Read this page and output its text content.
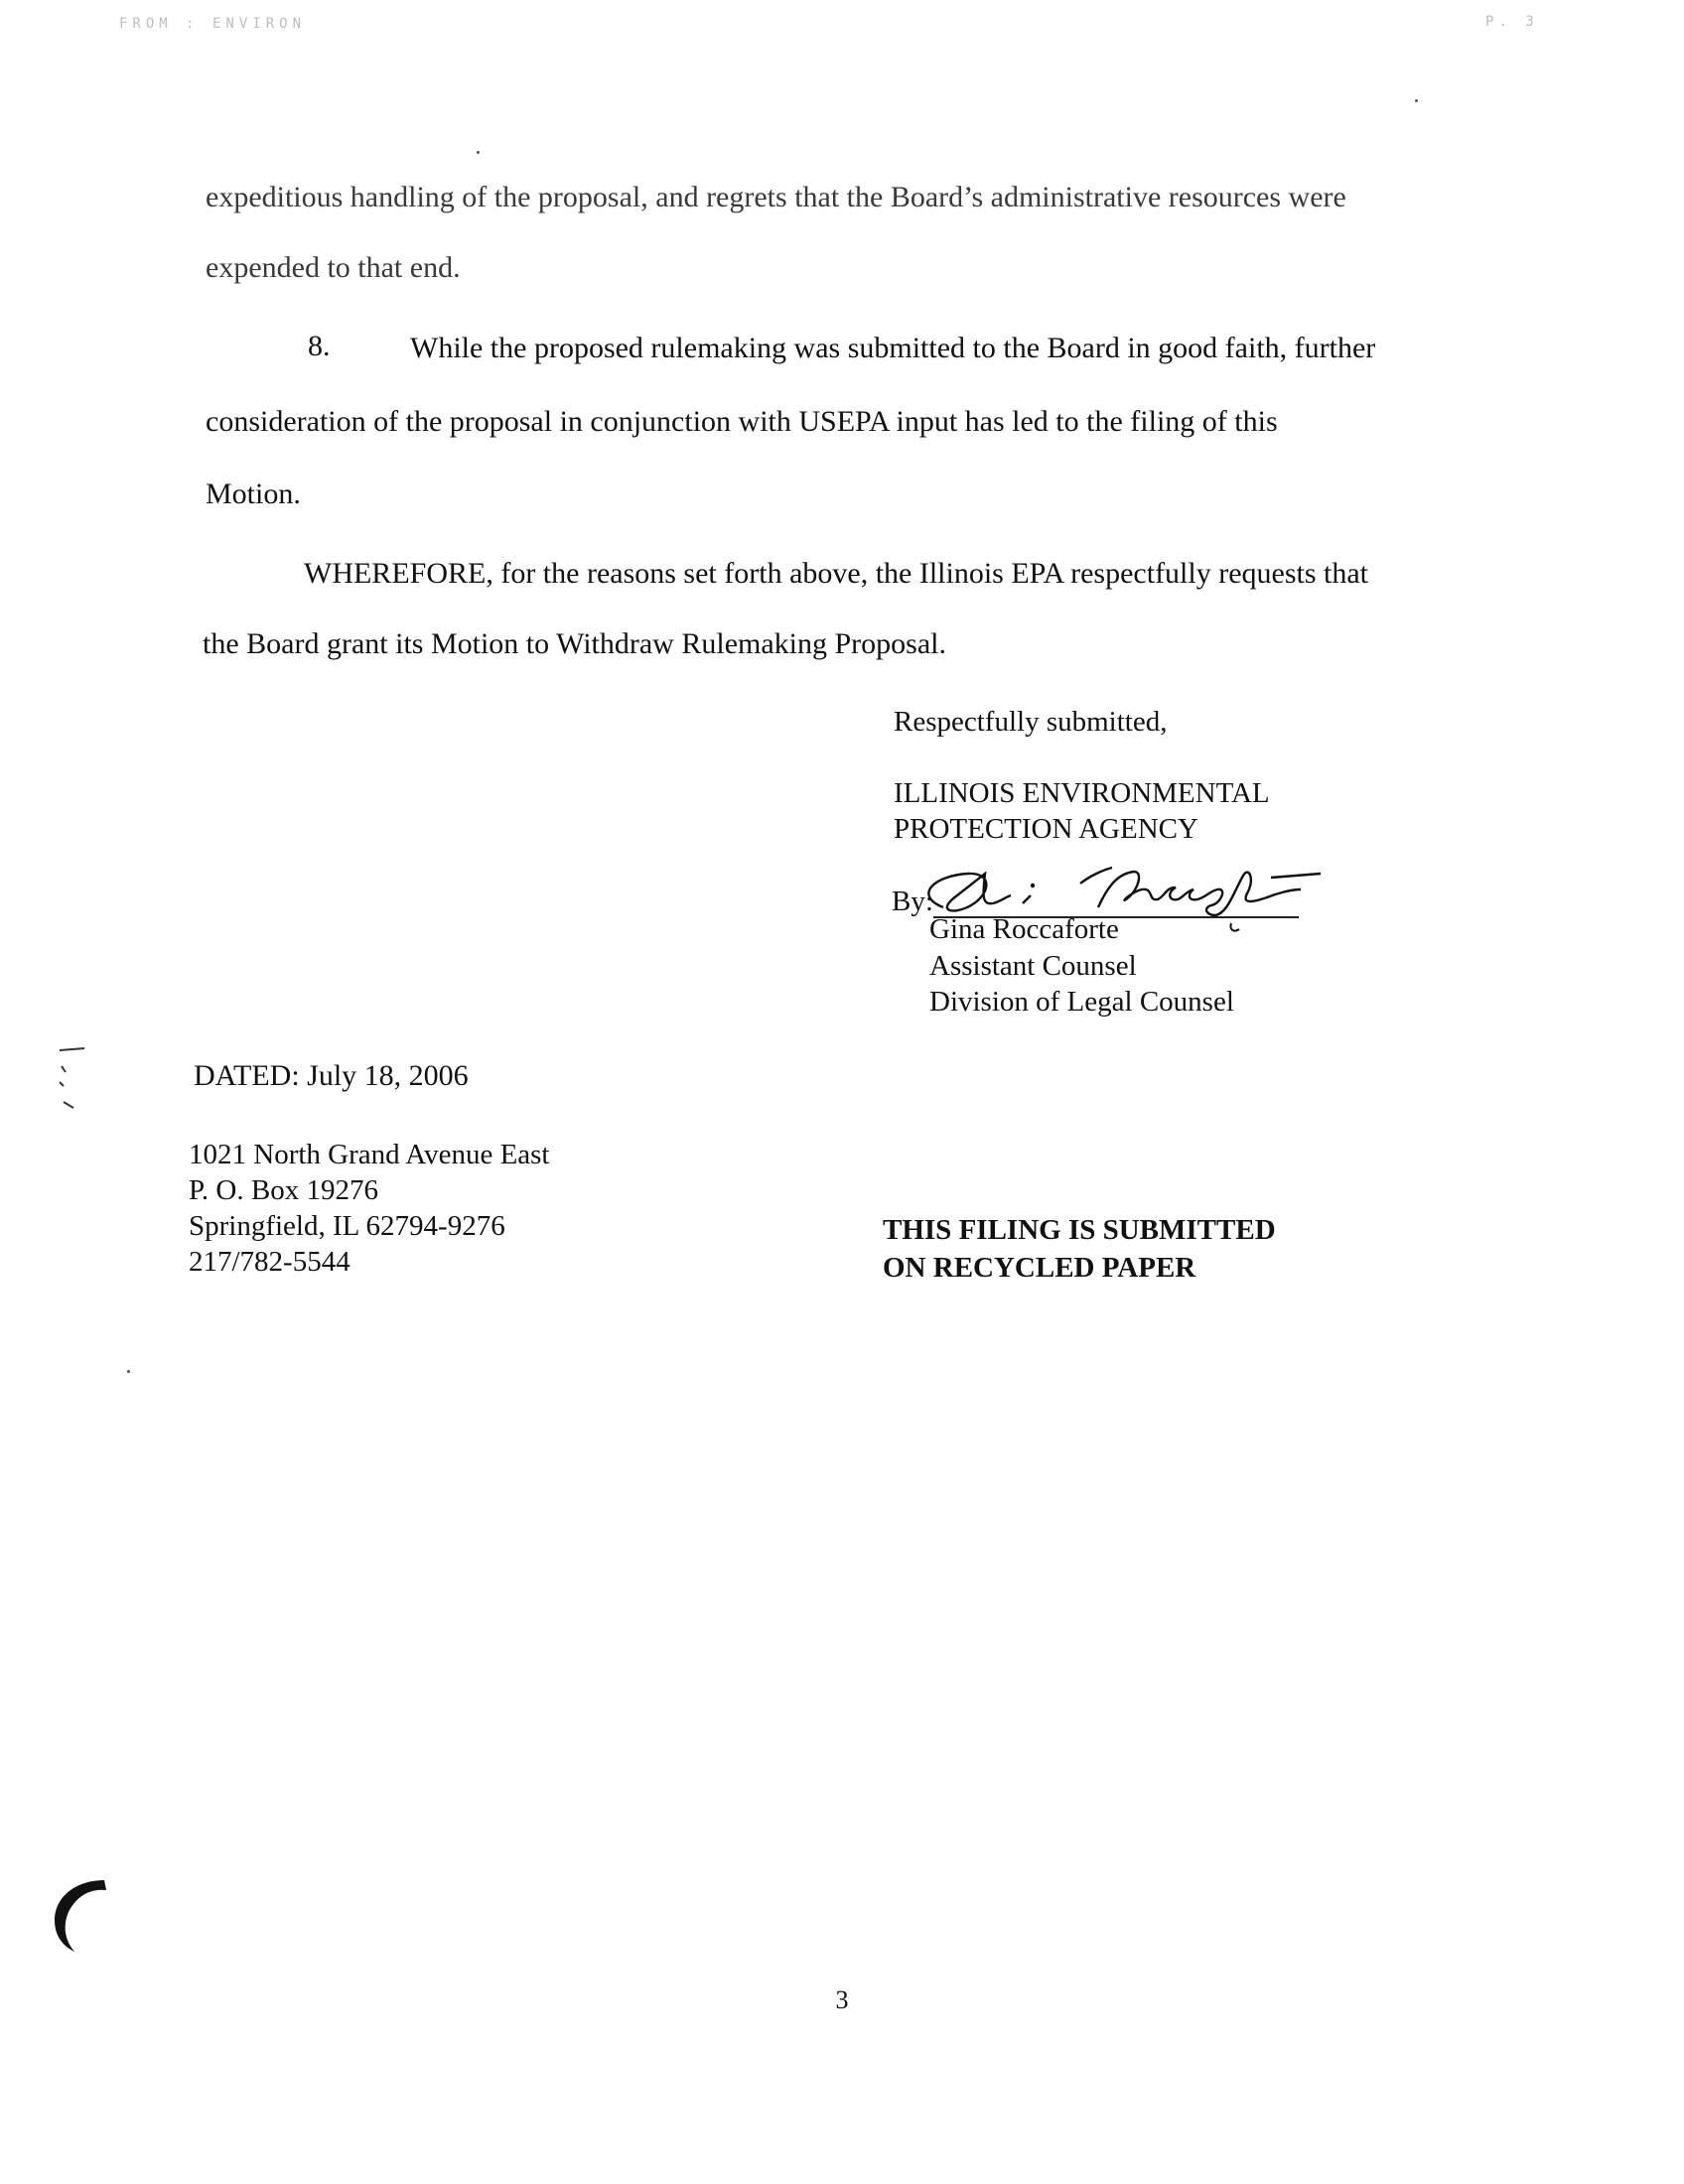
FROM : ENVIRON	P. 3
expeditious handling of the proposal, and regrets that the Board’s administrative resources were
expended to that end.
8.	While the proposed rulemaking was submitted to the Board in good faith, further
consideration of the proposal in conjunction with USEPA input has led to the filing of this
Motion.
WHEREFORE, for the reasons set forth above, the Illinois EPA respectfully requests that
the Board grant its Motion to Withdraw Rulemaking Proposal.
Respectfully submitted,
ILLINOIS ENVIRONMENTAL
PROTECTION AGENCY
By:
Gina Roccaforte
Assistant Counsel
Division of Legal Counsel
DATED: July 18, 2006
1021 North Grand Avenue East
P. O. Box 19276
Springfield, IL 62794-9276
217/782-5544
THIS FILING IS SUBMITTED
ON RECYCLED PAPER
3
